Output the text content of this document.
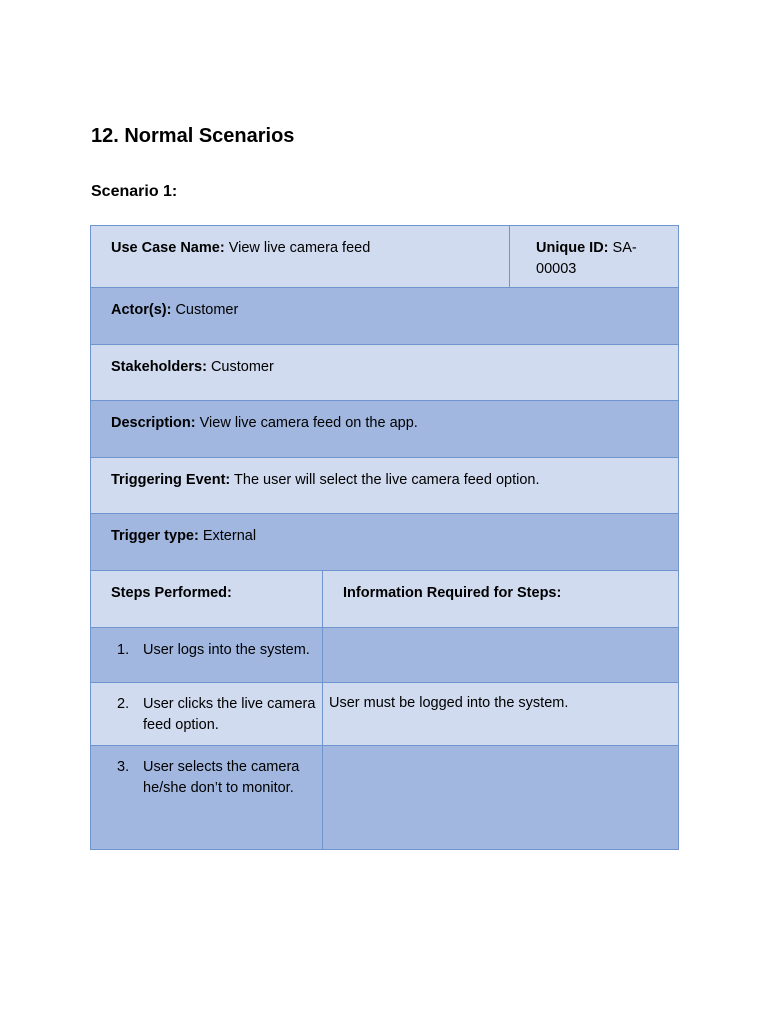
12. Normal Scenarios
Scenario 1:
Use Case Name: View live camera feed		Unique ID: SA-00003
Actor(s): Customer		
Stakeholders: Customer		
Description: View live camera feed on the app.		
Triggering Event: The user will select the live camera feed option.		
Trigger type: External		
Steps Performed:	Information Required for Steps:	

1. User logs into the system.		

2. User clicks the live camera feed option.	User must be logged into the system.	

3. User selects the camera he/she don’t to monitor.		
